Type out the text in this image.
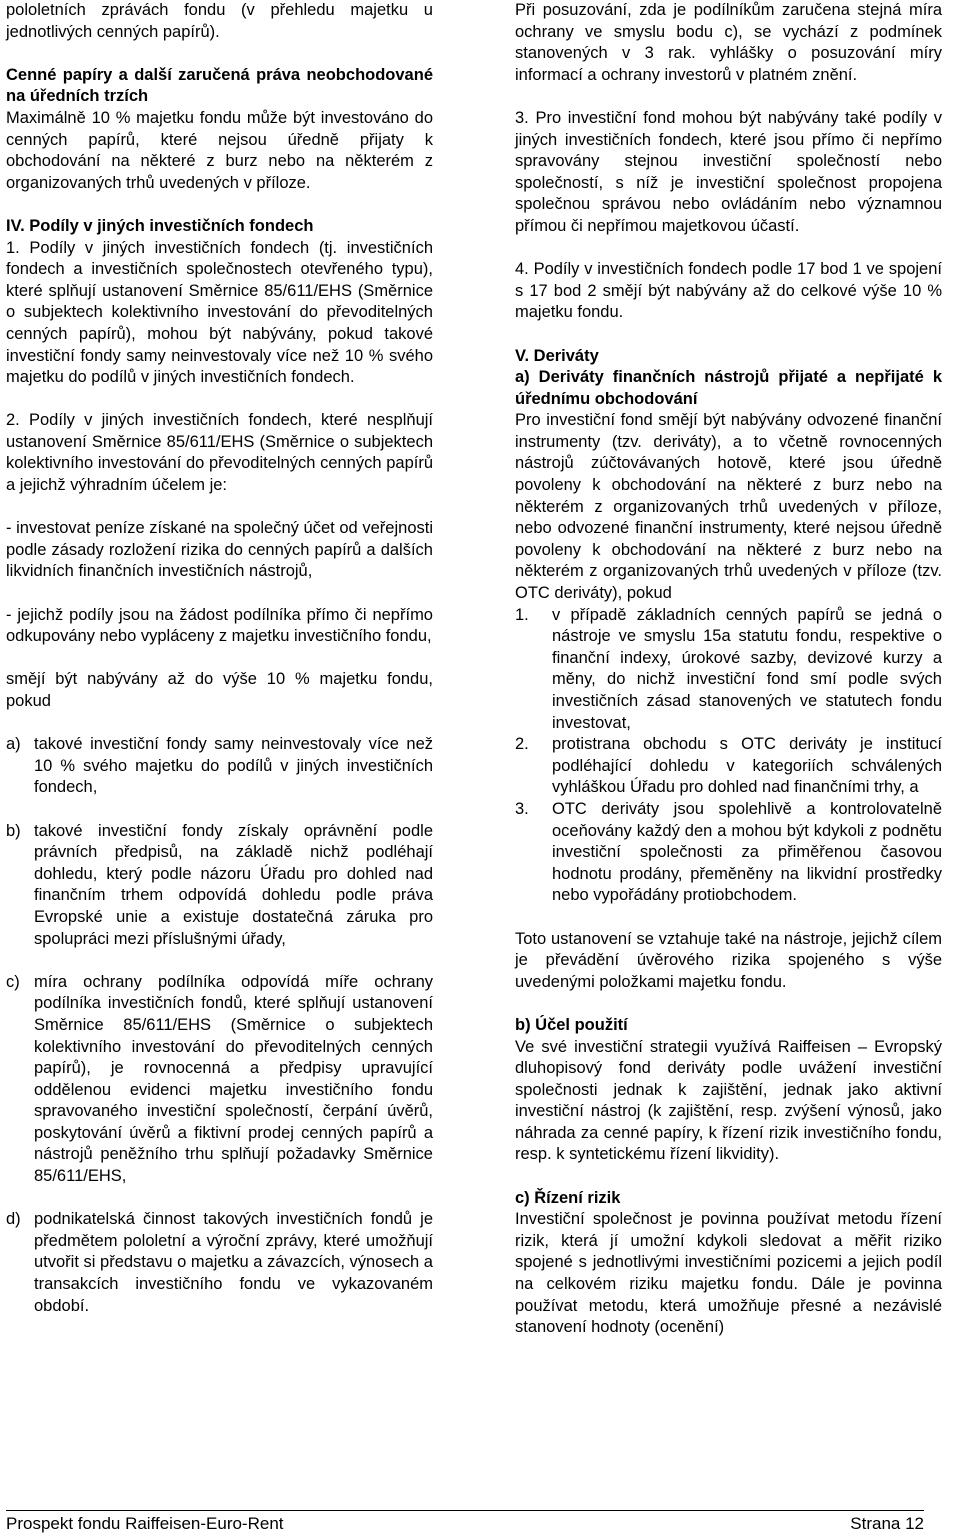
pololetních zprávách fondu (v přehledu majetku u jednotlivých cenných papírů).

Cenné papíry a další zaručená práva neobchodované na úředních trzích

Maximálně 10 % majetku fondu může být investováno do cenných papírů, které nejsou úředně přijaty k obchodování na některé z burz nebo na některém z organizovaných trhů uvedených v příloze.

IV. Podíly v jiných investičních fondech

1. Podíly v jiných investičních fondech (tj. investičních fondech a investičních společnostech otevřeného typu), které splňují ustanovení Směrnice 85/611/EHS (Směrnice o subjektech kolektivního investování do převoditelných cenných papírů), mohou být nabývány, pokud takové investiční fondy samy neinvestovaly více než 10 % svého majetku do podílů v jiných investičních fondech.

2. Podíly v jiných investičních fondech, které nesplňují ustanovení Směrnice 85/611/EHS (Směrnice o subjektech kolektivního investování do převoditelných cenných papírů a jejichž výhradním účelem je:

- investovat peníze získané na společný účet od veřejnosti podle zásady rozložení rizika do cenných papírů a dalších likvidních finančních investičních nástrojů,

- jejichž podíly jsou na žádost podílníka přímo či nepřímo odkupovány nebo vypláceny z majetku investičního fondu,

smějí být nabývány až do výše 10 % majetku fondu, pokud

a) takové investiční fondy samy neinvestovaly více než 10 % svého majetku do podílů v jiných investičních fondech,

b) takové investiční fondy získaly oprávnění podle právních předpisů, na základě nichž podléhají dohledu, který podle názoru Úřadu pro dohled nad finančním trhem odpovídá dohledu podle práva Evropské unie a existuje dostatečná záruka pro spolupráci mezi příslušnými úřady,

c) míra ochrany podílníka odpovídá míře ochrany podílníka investičních fondů, které splňují ustanovení Směrnice 85/611/EHS (Směrnice o subjektech kolektivního investování do převoditelných cenných papírů), je rovnocenná a předpisy upravující oddělenou evidenci majetku investičního fondu spravovaného investiční společností, čerpání úvěrů, poskytování úvěrů a fiktivní prodej cenných papírů a nástrojů peněžního trhu splňují požadavky Směrnice 85/611/EHS,

d) podnikatelská činnost takových investičních fondů je předmětem pololetní a výroční zprávy, které umožňují utvořit si představu o majetku a závazcích, výnosech a transakcích investičního fondu ve vykazovaném období.

Při posuzování, zda je podílníkům zaručena stejná míra ochrany ve smyslu bodu c), se vychází z podmínek stanovených v 3 rak. vyhlášky o posuzování míry informací a ochrany investorů v platném znění.

3. Pro investiční fond mohou být nabývány také podíly v jiných investičních fondech, které jsou přímo či nepřímo spravovány stejnou investiční společností nebo společností, s níž je investiční společnost propojena společnou správou nebo ovládáním nebo významnou přímou či nepřímou majetkovou účastí.

4. Podíly v investičních fondech podle 17 bod 1 ve spojení s 17 bod 2 smějí být nabývány až do celkové výše 10 % majetku fondu.

V. Deriváty

a) Deriváty finančních nástrojů přijaté a nepřijaté k úřednímu obchodování

Pro investiční fond smějí být nabývány odvozené finanční instrumenty (tzv. deriváty), a to včetně rovnocenných nástrojů zúčtovávaných hotově, které jsou úředně povoleny k obchodování na některé z burz nebo na některém z organizovaných trhů uvedených v příloze, nebo odvozené finanční instrumenty, které nejsou úředně povoleny k obchodování na některé z burz nebo na některém z organizovaných trhů uvedených v příloze (tzv. OTC deriváty), pokud

1. v případě základních cenných papírů se jedná o nástroje ve smyslu 15a statutu fondu, respektive o finanční indexy, úrokové sazby, devizové kurzy a měny, do nichž investiční fond smí podle svých investičních zásad stanovených ve statutech fondu investovat,

2. protistrana obchodu s OTC deriváty je institucí podléhající dohledu v kategoriích schválených vyhláškou Úřadu pro dohled nad finančními trhy, a

3. OTC deriváty jsou spolehlivě a kontrolovatelně oceňovány každý den a mohou být kdykoli z podnětu investiční společnosti za přiměřenou časovou hodnotu prodány, přeměněny na likvidní prostředky nebo vypořádány protiobchodem.

Toto ustanovení se vztahuje také na nástroje, jejichž cílem je převádění úvěrového rizika spojeného s výše uvedenými položkami majetku fondu.

b) Účel použití

Ve své investiční strategii využívá Raiffeisen – Evropský dluhopisový fond deriváty podle uvážení investiční společnosti jednak k zajištění, jednak jako aktivní investiční nástroj (k zajištění, resp. zvýšení výnosů, jako náhrada za cenné papíry, k řízení rizik investičního fondu, resp. k syntetickému řízení likvidity).

c) Řízení rizik

Investiční společnost je povinna používat metodu řízení rizik, která jí umožní kdykoli sledovat a měřit riziko spojené s jednotlivými investičními pozicemi a jejich podíl na celkovém riziku majetku fondu. Dále je povinna používat metodu, která umožňuje přesné a nezávislé stanovení hodnoty (ocenění)

Prospekt fondu Raiffeisen-Euro-Rent	Strana 12
